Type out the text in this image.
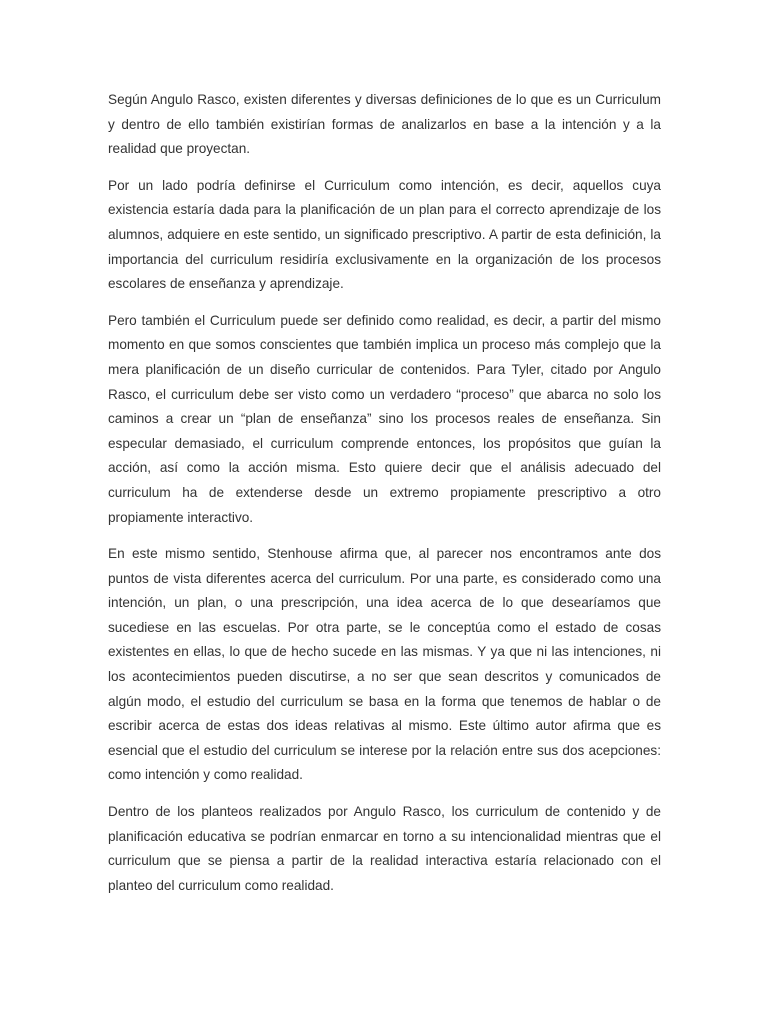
Según Angulo Rasco, existen diferentes y diversas definiciones de lo que es un Curriculum y dentro de ello también existirían formas de analizarlos en base a la intención y a la realidad que proyectan.

Por un lado podría definirse el Curriculum como intención, es decir, aquellos cuya existencia estaría dada para la planificación de un plan para el correcto aprendizaje de los alumnos, adquiere en este sentido, un significado prescriptivo. A partir de esta definición, la importancia del curriculum residiría exclusivamente en la organización de los procesos escolares de enseñanza y aprendizaje.

Pero también el Curriculum puede ser definido como realidad, es decir, a partir del mismo momento en que somos conscientes que también implica un proceso más complejo que la mera planificación de un diseño curricular de contenidos. Para Tyler, citado por Angulo Rasco, el curriculum debe ser visto como un verdadero “proceso” que abarca no solo los caminos a crear un “plan de enseñanza” sino los procesos reales de enseñanza. Sin especular demasiado, el curriculum comprende entonces, los propósitos que guían la acción, así como la acción misma. Esto quiere decir que el análisis adecuado del curriculum ha de extenderse desde un extremo propiamente prescriptivo a otro propiamente interactivo.

En este mismo sentido, Stenhouse afirma que, al parecer nos encontramos ante dos puntos de vista diferentes acerca del curriculum. Por una parte, es considerado como una intención, un plan, o una prescripción, una idea acerca de lo que desearíamos que sucediese en las escuelas. Por otra parte, se le conceptúa como el estado de cosas existentes en ellas, lo que de hecho sucede en las mismas. Y ya que ni las intenciones, ni los acontecimientos pueden discutirse, a no ser que sean descritos y comunicados de algún modo, el estudio del curriculum se basa en la forma que tenemos de hablar o de escribir acerca de estas dos ideas relativas al mismo. Este último autor afirma que es esencial que el estudio del curriculum se interese por la relación entre sus dos acepciones: como intención y como realidad.

Dentro de los planteos realizados por Angulo Rasco, los curriculum de contenido y de planificación educativa se podrían enmarcar en torno a su intencionalidad mientras que el curriculum que se piensa a partir de la realidad interactiva estaría relacionado con el planteo del curriculum como realidad.
